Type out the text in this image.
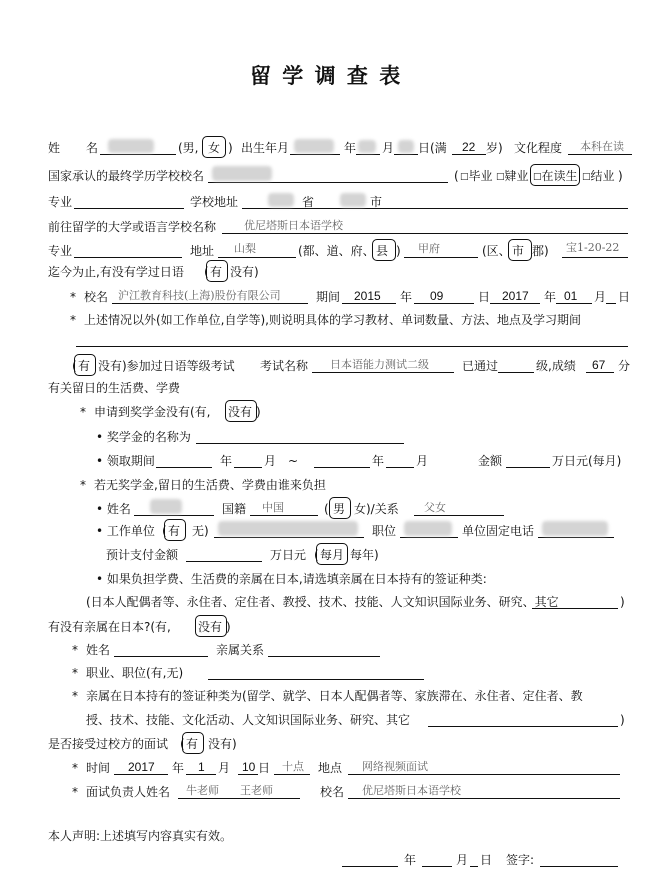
留 学 调 查 表
姓 名	(男, 女 ) 出生年月	年 月 日(满 22 岁) 文化程度 本科在读
国家承认的最终学历学校校名	( □毕业 □肄业 □在读生 □结业 )
专业	学校地址	省	市
前往留学的大学或语言学校名称	优尼塔斯日本语学校
专业	地址 山梨	(都、道、府、 县 ) 甲府	(区、 市 郡) 宝1-20-22
迄今为止,有没有学过日语 ( 有 没有)
* 校名 沪江教育科技(上海)股份有限公司	期间 2015 年 09	日 2017 年 01 月 日
* 上述情况以外(如工作单位,自学等),则说明具体的学习教材、单词数量、方法、地点及学习期间
( 有 没有)参加过日语等级考试 考试名称 日本语能力测试二级	已通过	级,成绩 67 分
有关留日的生活费、学费
* 申请到奖学金没有(有, 没有 )
• 奖学金的名称为
• 领取期间	年	月 ~	年	月	金额	万日元(每月)
* 若无奖学金,留日的生活费、学费由谁来负担
• 姓名	国籍 中国	( 男 女)/关系 父女
• 工作单位 ( 有 无)	职位	单位固定电话
预计支付金额	万日元 ( 每月 每年)
• 如果负担学费、生活费的亲属在日本,请选填亲属在日本持有的签证种类:
(日本人配偶者等、永住者、定住者、教授、技术、技能、人文知识国际业务、研究、其它	)
有没有亲属在日本?(有, 没有 )
* 姓名	亲属关系
* 职业、职位(有,无)
* 亲属在日本持有的签证种类为(留学、就学、日本人配偶者等、家族滞在、永住者、定住者、教
授、技术、技能、文化活动、人文知识国际业务、研究、其它	)
是否接受过校方的面试 ( 有 没有)
* 时间 2017 年 1 月 10 日 十点 地点 网络视频面试
* 面试负责人姓名 牛老师 王老师	校名 优尼塔斯日本语学校
本人声明:上述填写内容真实有效。
年	月 日 签字:
